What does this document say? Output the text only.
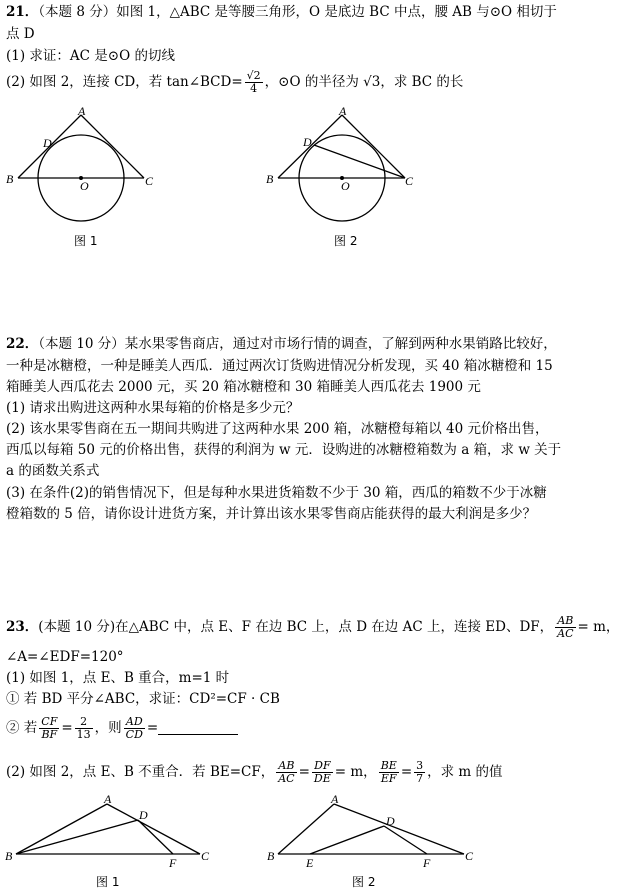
21．（本题 8 分）如图 1，△ABC 是等腰三角形，O 是底边 BC 中点，腰 AB 与⊙O 相切于
点 D
(1) 求证：AC 是⊙O 的切线
(2) 如图 2，连接 CD，若 tan∠BCD= $\frac{√2}{4}$ ，⊙O 的半径为 √3，求 BC 的长
A
B	C
D
O
图 1
A
B	C
D
O
图 2
22．（本题 10 分）某水果零售商店，通过对市场行情的调查，了解到两种水果销路比较好，
一种是冰糖橙，一种是睡美人西瓜．通过两次订货购进情况分析发现，买 40 箱冰糖橙和 15
箱睡美人西瓜花去 2000 元，买 20 箱冰糖橙和 30 箱睡美人西瓜花去 1900 元
(1) 请求出购进这两种水果每箱的价格是多少元？
(2) 该水果零售商在五一期间共购进了这两种水果 200 箱，冰糖橙每箱以 40 元价格出售，
西瓜以每箱 50 元的价格出售，获得的利润为 w 元．设购进的冰糖橙箱数为 a 箱，求 w 关于
a 的函数关系式
(3) 在条件(2)的销售情况下，但是每种水果进货箱数不少于 30 箱，西瓜的箱数不少于冰糖
橙箱数的 5 倍，请你设计进货方案，并计算出该水果零售商店能获得的最大利润是多少？
23．(本题 10 分)在△ABC 中，点 E、F 在边 BC 上，点 D 在边 AC 上，连接 ED、DF， $\frac{AB}{AC} = m$，
∠A=∠EDF=120°
(1) 如图 1，点 E、B 重合，m=1 时
① 若 BD 平分∠ABC，求证：CD²=CF · CB
② 若 $\frac{CF}{BF} = \frac{2}{13}$ ，则 $\frac{AD}{CD}$ =
(2) 如图 2，点 E、B 不重合．若 BE=CF， $\frac{AB}{AC} = \frac{DF}{DE} = m$， $\frac{BE}{EF} = \frac{3}{7}$ ，求 m 的值
A
B	C
D
F
图 1
A
B	C
D
E	F
图 2
